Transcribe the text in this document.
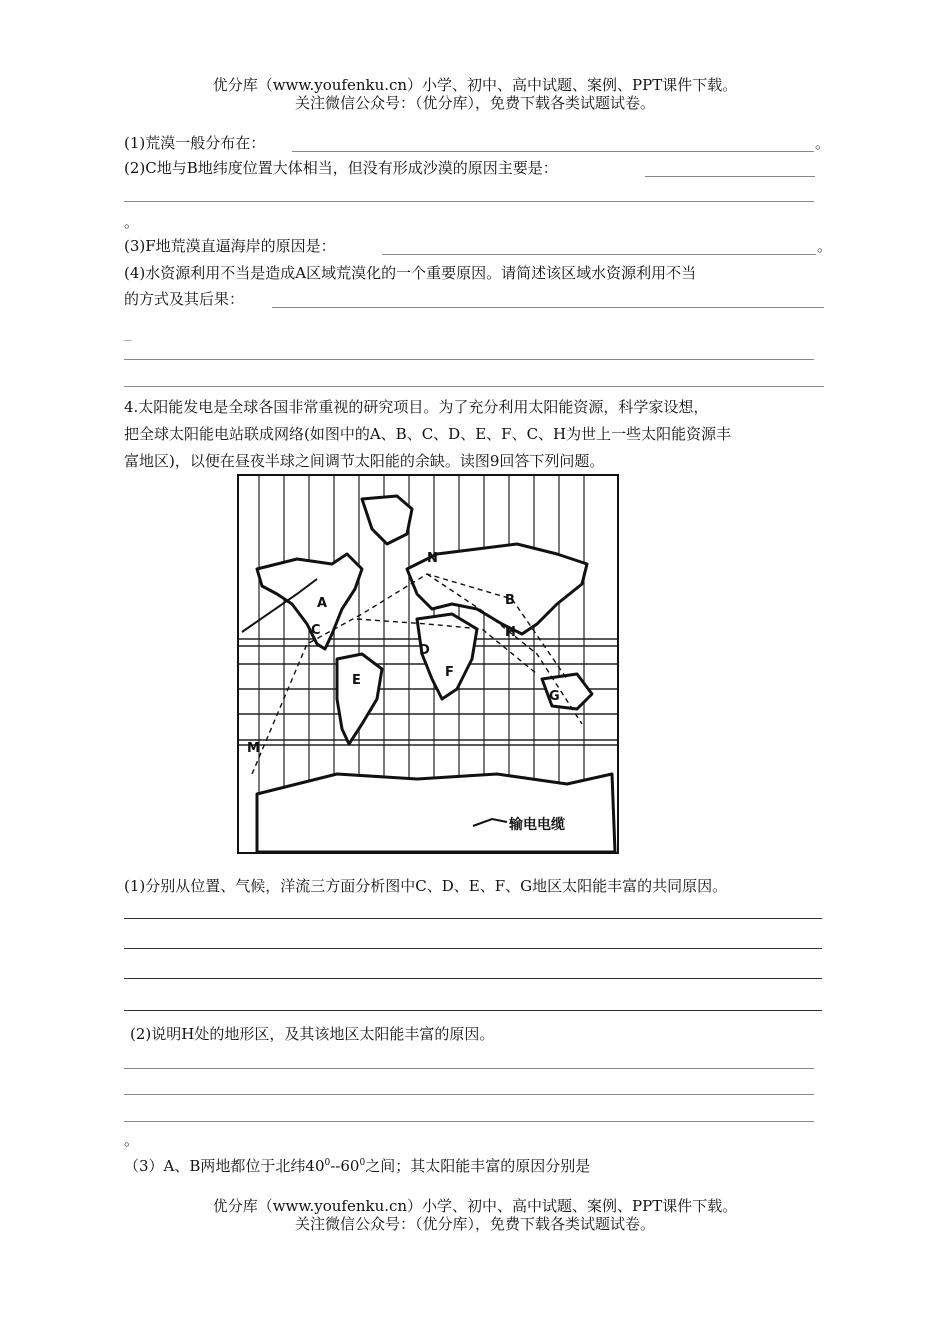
优分库（www.youfenku.cn）小学、初中、高中试题、案例、PPT课件下载。
关注微信公众号：（优分库），免费下载各类试题试卷。
(1)荒漠一般分布在：	。
(2)C地与B地纬度位置大体相当，但没有形成沙漠的原因主要是：
。
(3)F地荒漠直逼海岸的原因是：	。
(4)水资源利用不当是造成A区域荒漠化的一个重要原因。请简述该区域水资源利用不当
的方式及其后果：
_
4.太阳能发电是全球各国非常重视的研究项目。为了充分利用太阳能资源，科学家设想，
把全球太阳能电站联成网络(如图中的A、B、C、D、E、F、C、H为世上一些太阳能资源丰
富地区)，以便在昼夜半球之间调节太阳能的余缺。读图9回答下列问题。
A	B
C
D
E
F
G
H
M
N
输电电缆
(1)分别从位置、气候，洋流三方面分析图中C、D、E、F、G地区太阳能丰富的共同原因。
(2)说明H处的地形区，及其该地区太阳能丰富的原因。
。
（3）A、B两地都位于北纬$40^0--60^0$之间；其太阳能丰富的原因分别是
优分库（www.youfenku.cn）小学、初中、高中试题、案例、PPT课件下载。
关注微信公众号：（优分库），免费下载各类试题试卷。
